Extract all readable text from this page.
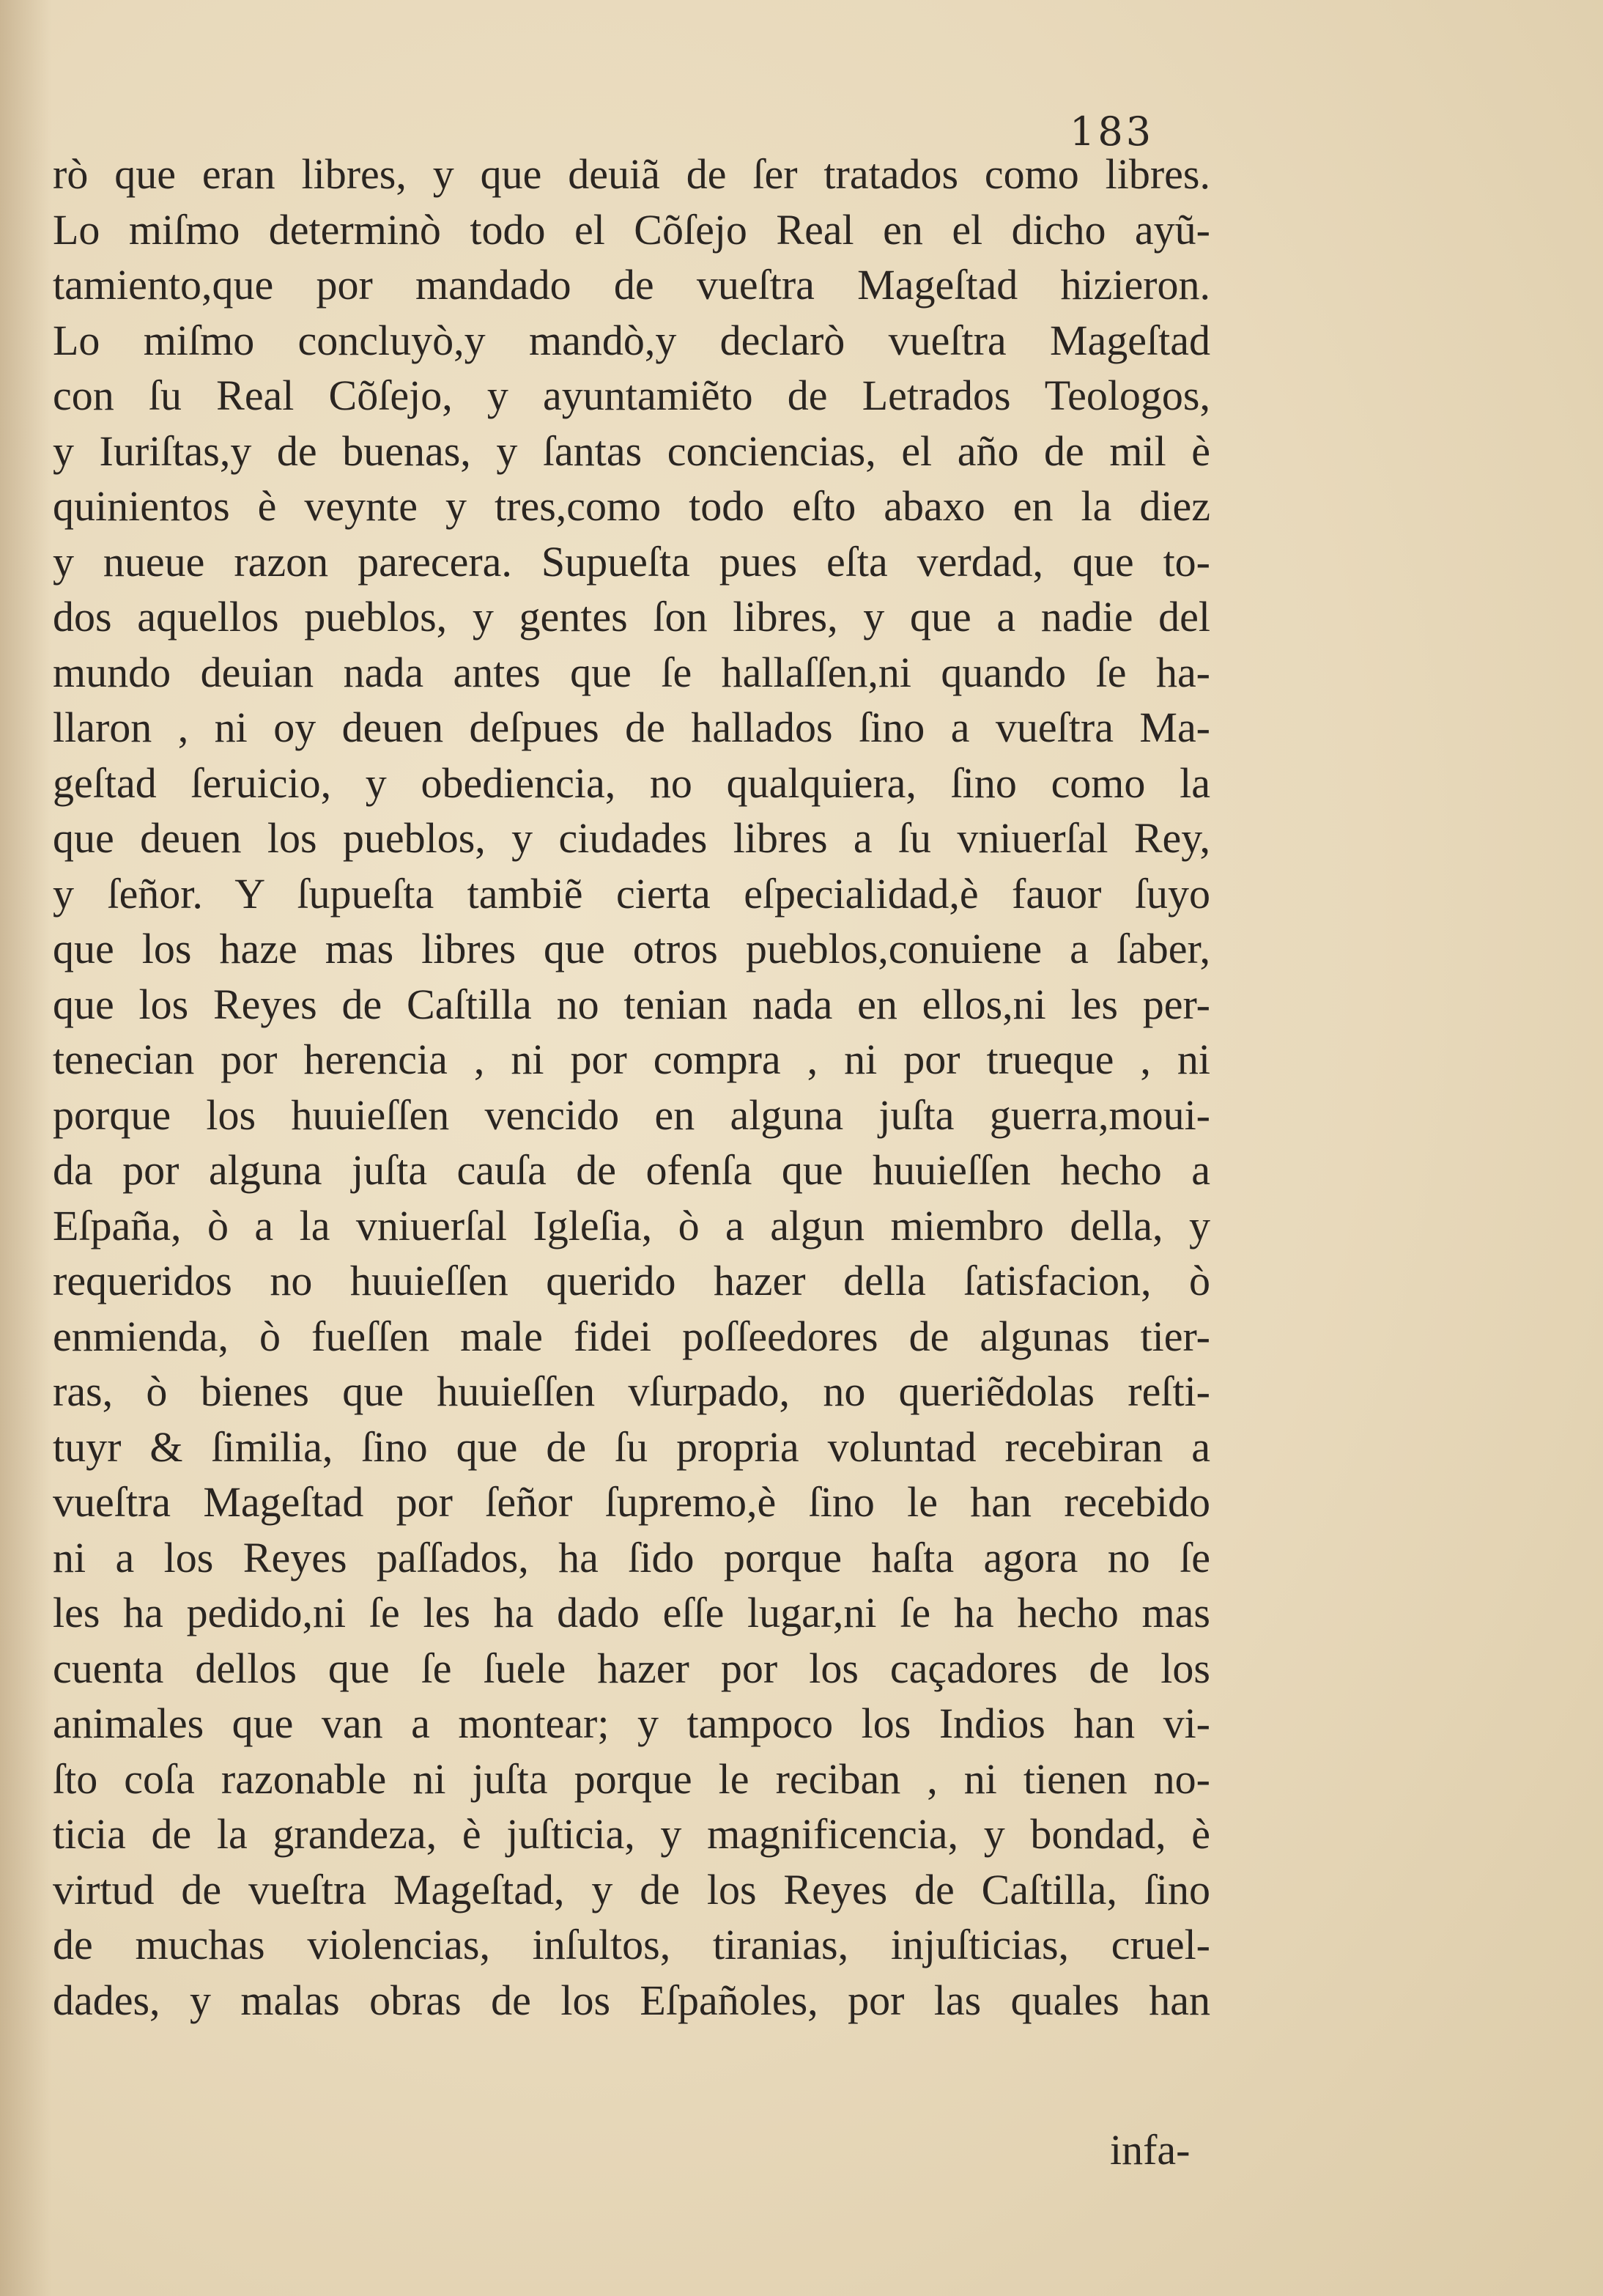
183
rò que eran libres, y que deuiã de ſer tratados como libres.
Lo miſmo determinò todo el Cõſejo Real en el dicho ayũ-
tamiento,que por mandado de vueſtra Mageſtad hizieron.
Lo miſmo concluyò,y mandò,y declarò vueſtra Mageſtad
con ſu Real Cõſejo, y ayuntamiẽto de Letrados Teologos,
y Iuriſtas,y de buenas, y ſantas conciencias, el año de mil è
quinientos è veynte y tres,como todo eſto abaxo en la diez
y nueue razon parecera. Supueſta pues eſta verdad, que to-
dos aquellos pueblos, y gentes ſon libres, y que a nadie del
mundo deuian nada antes que ſe hallaſſen,ni quando ſe ha-
llaron , ni oy deuen deſpues de hallados ſino a vueſtra Ma-
geſtad ſeruicio, y obediencia, no qualquiera, ſino como la
que deuen los pueblos, y ciudades libres a ſu vniuerſal Rey,
y ſeñor. Y ſupueſta tambiẽ cierta eſpecialidad,è fauor ſuyo
que los haze mas libres que otros pueblos,conuiene a ſaber,
que los Reyes de Caſtilla no tenian nada en ellos,ni les per-
tenecian por herencia , ni por compra , ni por trueque , ni
porque los huuieſſen vencido en alguna juſta guerra,moui-
da por alguna juſta cauſa de ofenſa que huuieſſen hecho a
Eſpaña, ò a la vniuerſal Igleſia, ò a algun miembro della, y
requeridos no huuieſſen querido hazer della ſatisfacion, ò
enmienda, ò fueſſen male fidei poſſeedores de algunas tier-
ras, ò bienes que huuieſſen vſurpado, no queriẽdolas reſti-
tuyr & ſimilia, ſino que de ſu propria voluntad recebiran a
vueſtra Mageſtad por ſeñor ſupremo,è ſino le han recebido
ni a los Reyes paſſados, ha ſido porque haſta agora no ſe
les ha pedido,ni ſe les ha dado eſſe lugar,ni ſe ha hecho mas
cuenta dellos que ſe ſuele hazer por los caçadores de los
animales que van a montear; y tampoco los Indios han vi-
ſto coſa razonable ni juſta porque le reciban , ni tienen no-
ticia de la grandeza, è juſticia, y magnificencia, y bondad, è
virtud de vueſtra Mageſtad, y de los Reyes de Caſtilla, ſino
de muchas violencias, inſultos, tiranias, injuſticias, cruel-
dades, y malas obras de los Eſpañoles, por las quales han
infa-
